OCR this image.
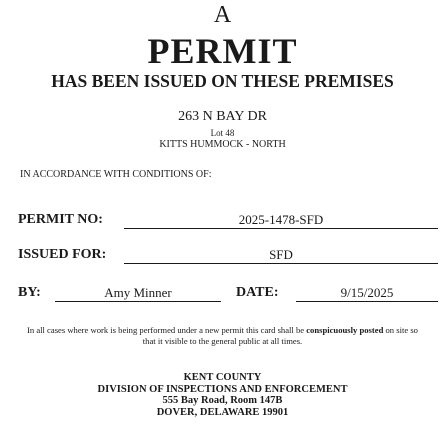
A
PERMIT
HAS BEEN ISSUED ON THESE PREMISES
263 N BAY DR
Lot 48
KITTS HUMMOCK - NORTH
IN ACCORDANCE WITH CONDITIONS OF:
PERMIT NO:	2025-1478-SFD
ISSUED FOR:	SFD
BY:	Amy Minner	DATE:	9/15/2025
In all cases where work is being performed under a new permit this card shall be conspicuously posted on site so that it visible to the general public at all times.
KENT COUNTY
DIVISION OF INSPECTIONS AND ENFORCEMENT
555 Bay Road, Room 147B
DOVER, DELAWARE 19901
